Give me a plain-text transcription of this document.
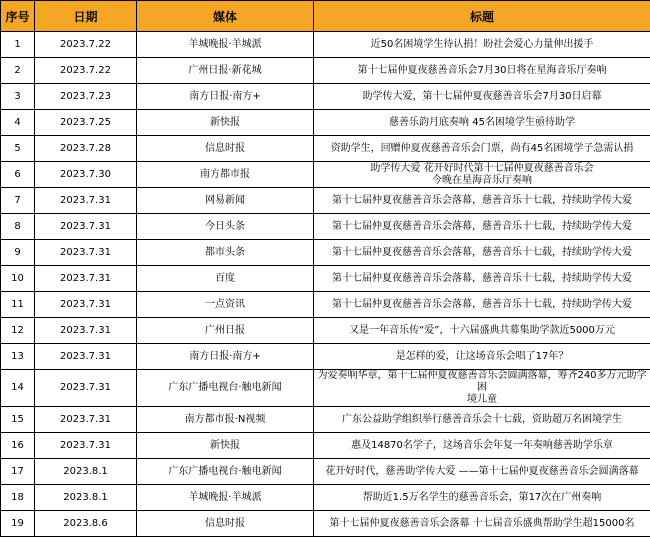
序号	日期	媒体	标题
1	2023.7.22	羊城晚报·羊城派	近50名困境学生待认捐！盼社会爱心力量伸出援手

2	2023.7.22	广州日报·新花城	第十七届仲夏夜慈善音乐会7月30日将在星海音乐厅奏响

3	2023.7.23	南方日报·南方+	助学传大爱，第十七届仲夏夜慈善音乐会7月30日启幕

4	2023.7.25	新快报	慈善乐韵月底奏响 45名困境学生亟待助学

5	2023.7.28	信息时报	资助学生，回赠仲夏夜慈善音乐会门票，尚有45名困境学子急需认捐

6	2023.7.30	南方都市报	助学传大爱 花开好时代第十七届仲夏夜慈善音乐会
今晚在星海音乐厅奏响

7	2023.7.31	网易新闻	第十七届仲夏夜慈善音乐会落幕，慈善音乐十七载，持续助学传大爱

8	2023.7.31	今日头条	第十七届仲夏夜慈善音乐会落幕，慈善音乐十七载，持续助学传大爱

9	2023.7.31	都市头条	第十七届仲夏夜慈善音乐会落幕，慈善音乐十七载，持续助学传大爱

10	2023.7.31	百度	第十七届仲夏夜慈善音乐会落幕，慈善音乐十七载，持续助学传大爱

11	2023.7.31	一点资讯	第十七届仲夏夜慈善音乐会落幕，慈善音乐十七载，持续助学传大爱

12	2023.7.31	广州日报	又是一年音乐传“爱”，十六届盛典共募集助学款近5000万元

13	2023.7.31	南方日报·南方+	是怎样的爱，让这场音乐会唱了17年？

14	2023.7.31	广东广播电视台·触电新闻	为爱奏响华章，第十七届仲夏夜慈善音乐会圆满落幕，筹齐240多万元助学困
境儿童

15	2023.7.31	南方都市报·N视频	广东公益助学组织举行慈善音乐会十七载，资助超万名困境学生

16	2023.7.31	新快报	惠及14870名学子，这场音乐会年复一年奏响慈善助学乐章

17	2023.8.1	广东广播电视台·触电新闻	花开好时代，慈善助学传大爱 ——第十七届仲夏夜慈善音乐会圆满落幕

18	2023.8.1	羊城晚报·羊城派	帮助近1.5万名学生的慈善音乐会，第17次在广州奏响

19	2023.8.6	信息时报	第十七届仲夏夜慈善音乐会落幕 十七届音乐盛典帮助学生超15000名
